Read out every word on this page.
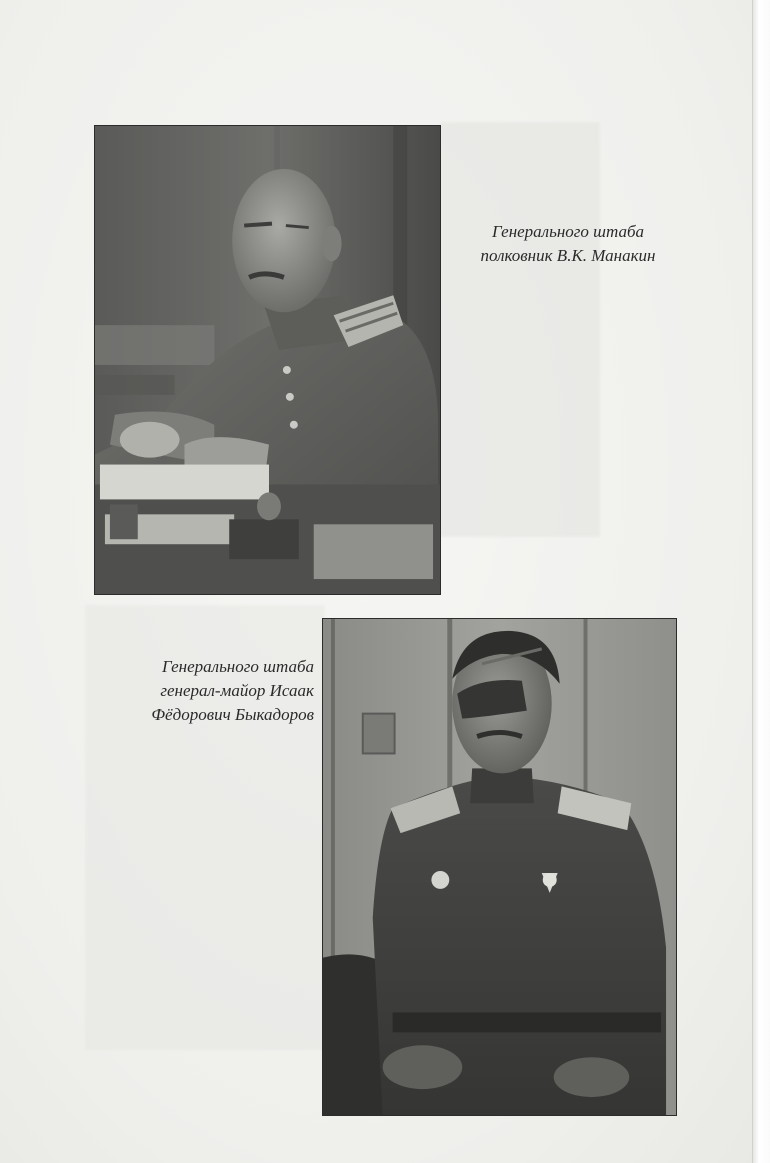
Генерального штаба
полковник В.К. Манакин
Генерального штаба
генерал-майор Исаак
Фёдорович Быкадоров
